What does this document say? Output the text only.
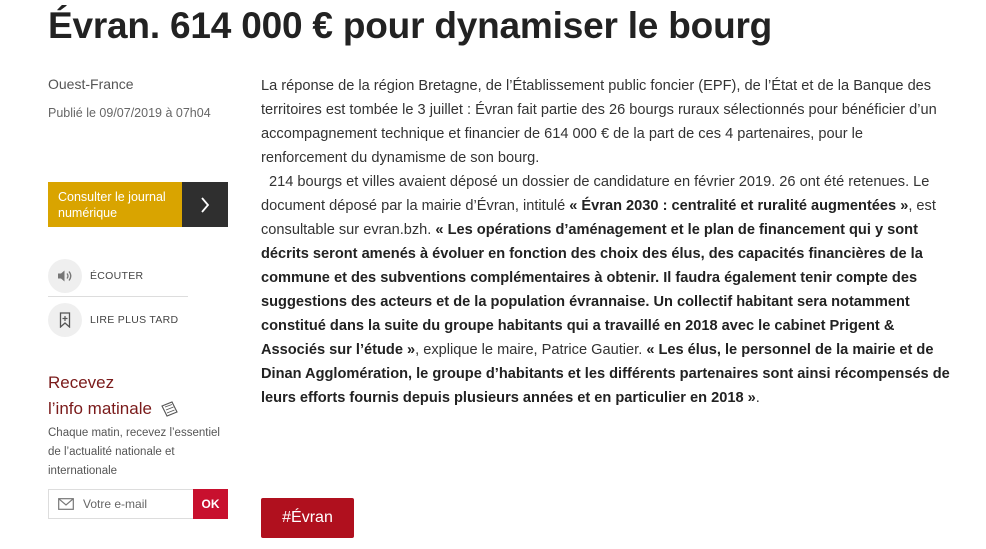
Évran. 614 000 € pour dynamiser le bourg
Ouest-France
Publié le 09/07/2019 à 07h04
Consulter le journal numérique
ÉCOUTER
LIRE PLUS TARD
Recevez
l’info matinale
Chaque matin, recevez l’essentiel de l’actualité nationale et internationale
Votre e-mail
OK

La réponse de la région Bretagne, de l’Établissement public foncier (EPF), de l’État et de la Banque des territoires est tombée le 3 juillet : Évran fait partie des 26 bourgs ruraux sélectionnés pour bénéficier d’un accompagnement technique et financier de 614 000 € de la part de ces 4 partenaires, pour le renforcement du dynamisme de son bourg.

214 bourgs et villes avaient déposé un dossier de candidature en février 2019. 26 ont été retenues. Le document déposé par la mairie d’Évran, intitulé « Évran 2030 : centralité et ruralité augmentées », est consultable sur evran.bzh. « Les opérations d’aménagement et le plan de financement qui y sont décrits seront amenés à évoluer en fonction des choix des élus, des capacités financières de la commune et des subventions complémentaires à obtenir. Il faudra également tenir compte des suggestions des acteurs et de la population évrannaise. Un collectif habitant sera notamment constitué dans la suite du groupe habitants qui a travaillé en 2018 avec le cabinet Prigent & Associés sur l’étude », explique le maire, Patrice Gautier. « Les élus, le personnel de la mairie et de Dinan Agglomération, le groupe d’habitants et les différents partenaires sont ainsi récompensés de leurs efforts fournis depuis plusieurs années et en particulier en 2018 ».

#Évran
